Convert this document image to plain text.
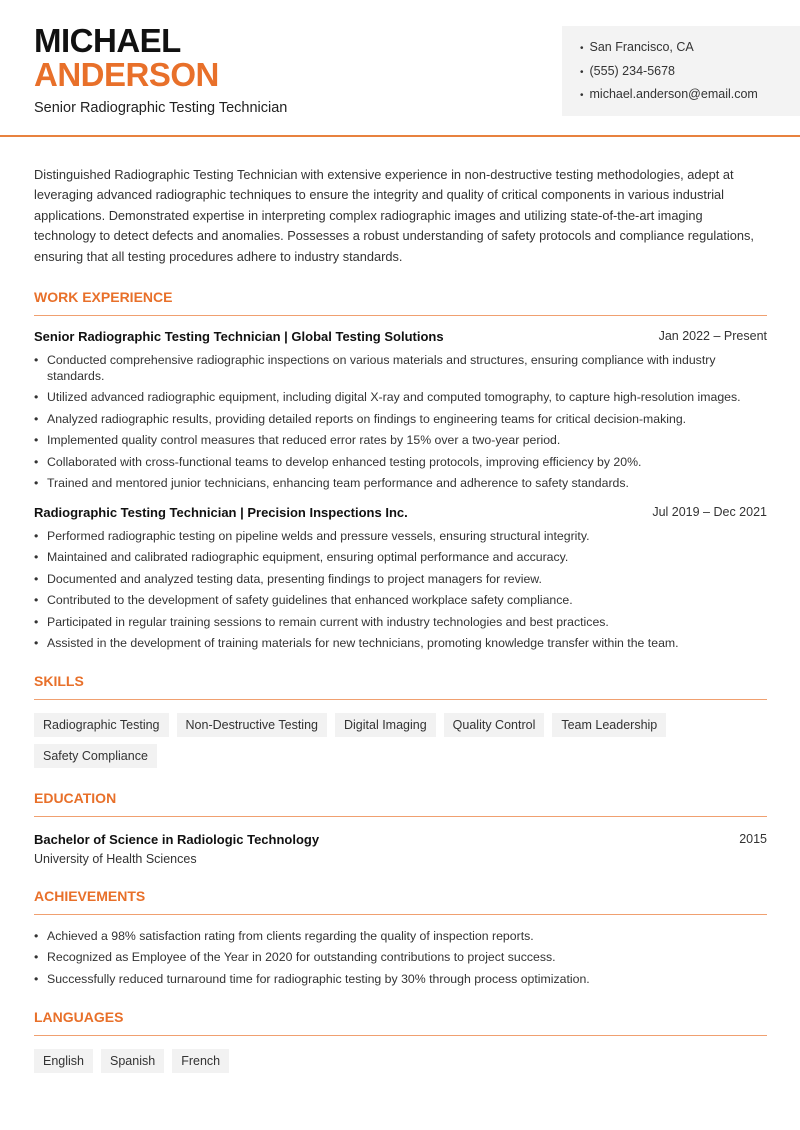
MICHAEL
ANDERSON
Senior Radiographic Testing Technician
• San Francisco, CA
• (555) 234-5678
• michael.anderson@email.com

Distinguished Radiographic Testing Technician with extensive experience in non-destructive testing methodologies, adept at leveraging advanced radiographic techniques to ensure the integrity and quality of critical components in various industrial applications. Demonstrated expertise in interpreting complex radiographic images and utilizing state-of-the-art imaging technology to detect defects and anomalies. Possesses a robust understanding of safety protocols and compliance regulations, ensuring that all testing procedures adhere to industry standards.

WORK EXPERIENCE
Senior Radiographic Testing Technician | Global Testing Solutions	Jan 2022 – Present
• Conducted comprehensive radiographic inspections on various materials and structures, ensuring compliance with industry standards.
• Utilized advanced radiographic equipment, including digital X-ray and computed tomography, to capture high-resolution images.
• Analyzed radiographic results, providing detailed reports on findings to engineering teams for critical decision-making.
• Implemented quality control measures that reduced error rates by 15% over a two-year period.
• Collaborated with cross-functional teams to develop enhanced testing protocols, improving efficiency by 20%.
• Trained and mentored junior technicians, enhancing team performance and adherence to safety standards.
Radiographic Testing Technician | Precision Inspections Inc.	Jul 2019 – Dec 2021
• Performed radiographic testing on pipeline welds and pressure vessels, ensuring structural integrity.
• Maintained and calibrated radiographic equipment, ensuring optimal performance and accuracy.
• Documented and analyzed testing data, presenting findings to project managers for review.
• Contributed to the development of safety guidelines that enhanced workplace safety compliance.
• Participated in regular training sessions to remain current with industry technologies and best practices.
• Assisted in the development of training materials for new technicians, promoting knowledge transfer within the team.
SKILLS
Radiographic Testing	Non-Destructive Testing	Digital Imaging	Quality Control	Team Leadership
Safety Compliance
EDUCATION
Bachelor of Science in Radiologic Technology	2015
University of Health Sciences
ACHIEVEMENTS
• Achieved a 98% satisfaction rating from clients regarding the quality of inspection reports.
• Recognized as Employee of the Year in 2020 for outstanding contributions to project success.
• Successfully reduced turnaround time for radiographic testing by 30% through process optimization.
LANGUAGES
English	Spanish	French
